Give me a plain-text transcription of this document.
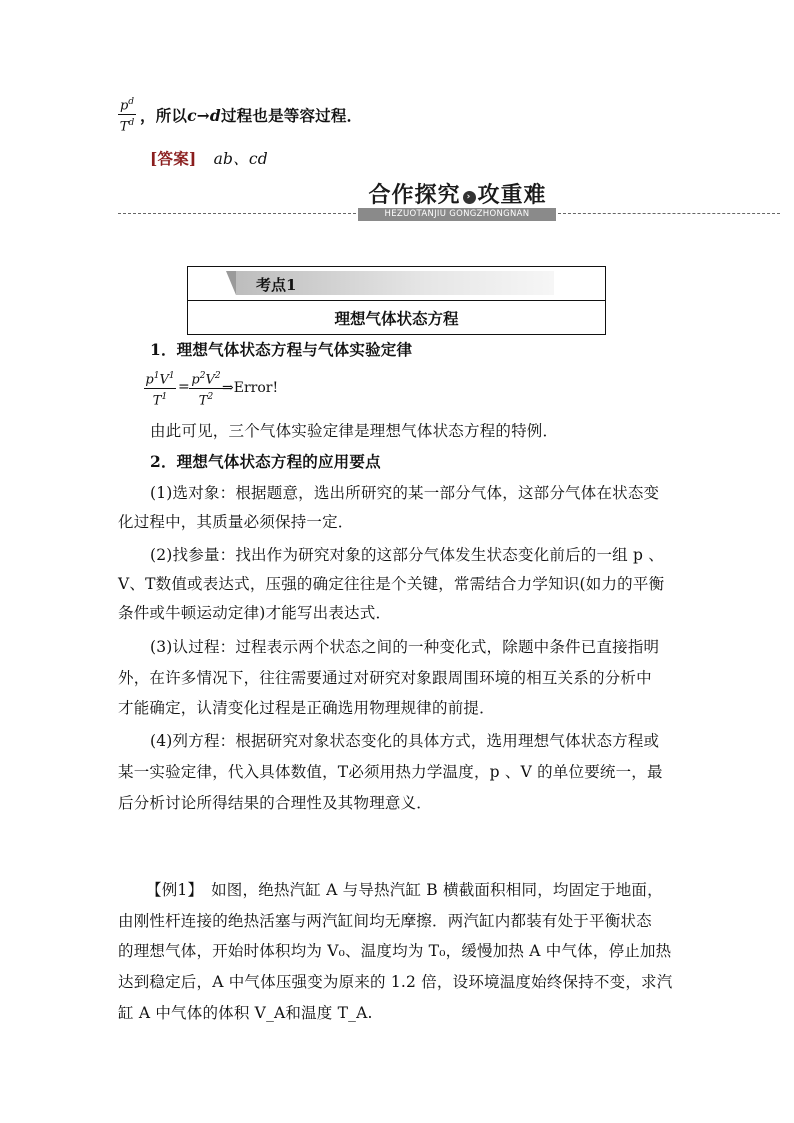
$p^d$
$T^d$ ，所以c→d过程也是等容过程．
[答案] ab、cd
合作探究 › 攻重难
HEZUOTANJIU GONGZHONGNAN
考点1
理想气体状态方程
1．理想气体状态方程与气体实验定律
$p^1V^1$
$T^1$
= $p^2V^2$
$T^2$
⇒Error!
由此可见，三个气体实验定律是理想气体状态方程的特例．
2．理想气体状态方程的应用要点
(1)选对象：根据题意，选出所研究的某一部分气体，这部分气体在状态变
化过程中，其质量必须保持一定．
(2)找参量：找出作为研究对象的这部分气体发生状态变化前后的一组 p 、
V、T数值或表达式，压强的确定往往是个关键，常需结合力学知识(如力的平衡
条件或牛顿运动定律)才能写出表达式．
(3)认过程：过程表示两个状态之间的一种变化式，除题中条件已直接指明
外，在许多情况下，往往需要通过对研究对象跟周围环境的相互关系的分析中
才能确定，认清变化过程是正确选用物理规律的前提．
(4)列方程：根据研究对象状态变化的具体方式，选用理想气体状态方程或
某一实验定律，代入具体数值，T必须用热力学温度，p 、V 的单位要统一，最
后分析讨论所得结果的合理性及其物理意义．
【例1】　如图，绝热汽缸 A 与导热汽缸 B 横截面积相同，均固定于地面，
由刚性杆连接的绝热活塞与两汽缸间均无摩擦．两汽缸内都装有处于平衡状态
的理想气体，开始时体积均为 V₀、温度均为 T₀，缓慢加热 A 中气体，停止加热
达到稳定后，A 中气体压强变为原来的 1.2 倍，设环境温度始终保持不变，求汽
缸 A 中气体的体积 V_A和温度 T_A.
